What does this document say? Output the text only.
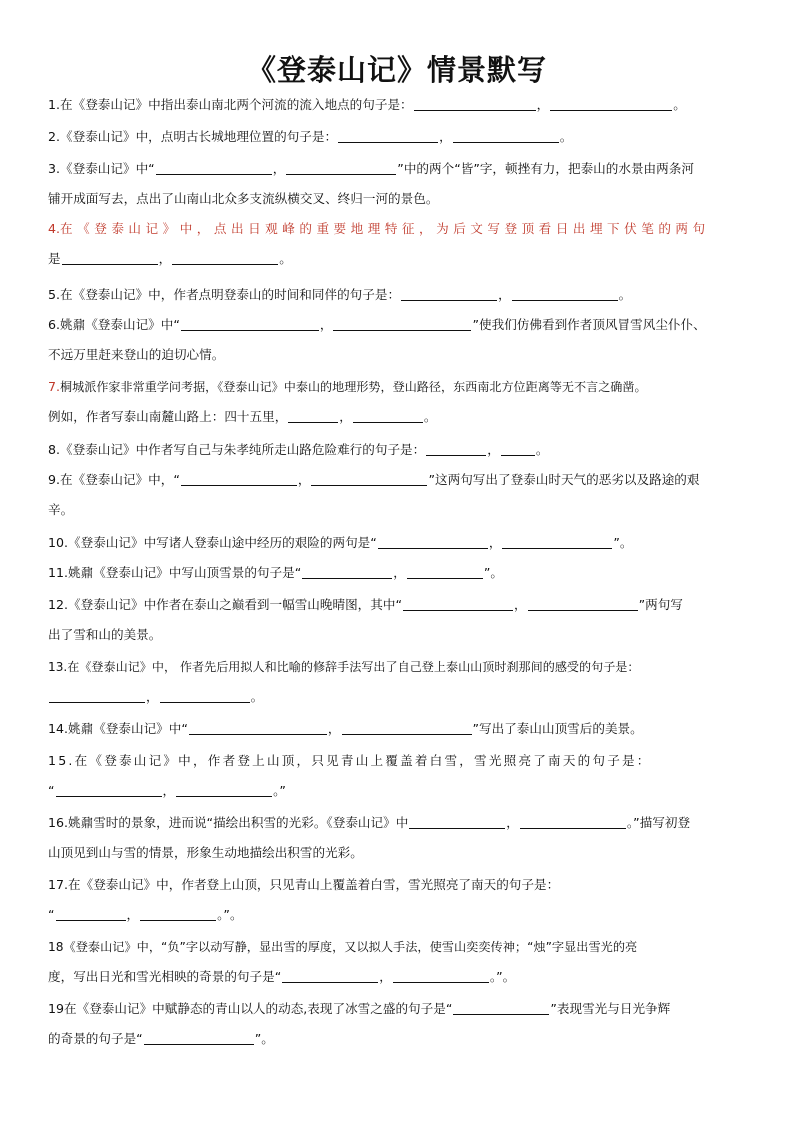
《登泰山记》情景默写
1.在《登泰山记》中指出泰山南北两个河流的流入地点的句子是：	，	。
2.《登泰山记》中，点明古长城地理位置的句子是：	，	。
3.《登泰山记》中“	，	”中的两个“皆”字，顿挫有力，把泰山的水景由两条河
铺开成面写去，点出了山南山北众多支流纵横交叉、终归一河的景色。
4.在《登泰山记》中，点出日观峰的重要地理特征，为后文写登顶看日出埋下伏笔的两句
是	，	。
5.在《登泰山记》中，作者点明登泰山的时间和同伴的句子是：	，	。
6.姚鼐《登泰山记》中“	，	”使我们仿佛看到作者顶风冒雪风尘仆仆、
不远万里赶来登山的迫切心情。
7.桐城派作家非常重学问考据，《登泰山记》中泰山的地理形势，登山路径，东西南北方位距离等无不言之确凿。
例如，作者写泰山南麓山路上：四十五里，	，	。
8.《登泰山记》中作者写自己与朱孝纯所走山路危险难行的句子是：	，	。
9.在《登泰山记》中，“	，	”这两句写出了登泰山时天气的恶劣以及路途的艰
辛。
10.《登泰山记》中写诸人登泰山途中经历的艰险的两句是“	，	”。
11.姚鼐《登泰山记》中写山顶雪景的句子是“	，	”。
12.《登泰山记》中作者在泰山之巅看到一幅雪山晚晴图，其中“	，	”两句写
出了雪和山的美景。
13.在《登泰山记》中， 作者先后用拟人和比喻的修辞手法写出了自己登上泰山山顶时刹那间的感受的句子是：
，	。
14.姚鼐《登泰山记》中“	，	”写出了泰山山顶雪后的美景。
15.在《登泰山记》中，作者登上山顶，只见青山上覆盖着白雪，雪光照亮了南天的句子是：
“	，	。”
16.姚鼐雪时的景象，进而说“描绘出积雪的光彩。《登泰山记》中	，	。”描写初登
山顶见到山与雪的情景，形象生动地描绘出积雪的光彩。
17.在《登泰山记》中，作者登上山顶，只见青山上覆盖着白雪，雪光照亮了南天的句子是：
“	，	。”。
18《登泰山记》中，“负”字以动写静，显出雪的厚度，又以拟人手法，使雪山奕奕传神；“烛”字显出雪光的亮
度，写出日光和雪光相映的奇景的句子是“	，	。”。
19在《登泰山记》中赋静态的青山以人的动态,表现了冰雪之盛的句子是“	”表现雪光与日光争辉
的奇景的句子是“	”。
